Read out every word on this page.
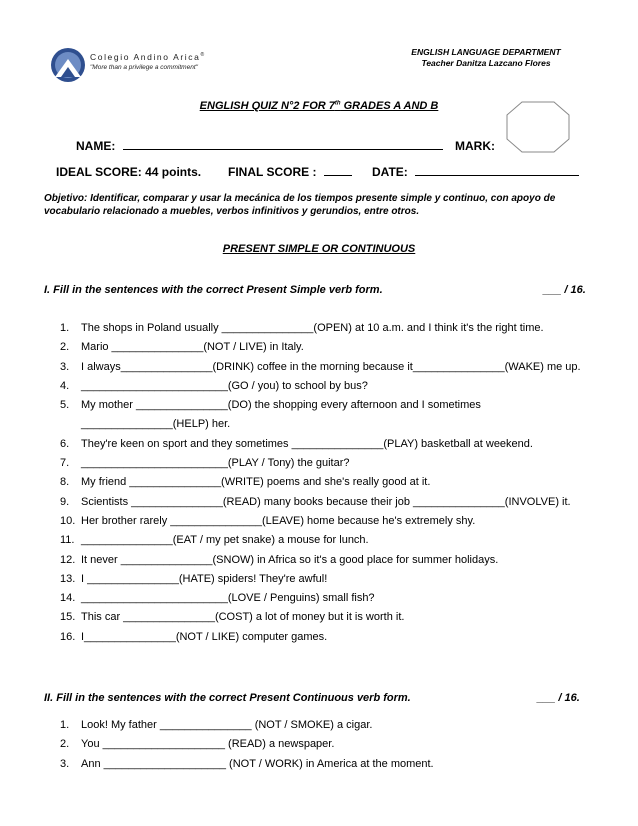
Colegio Andino Arica®
"More than a privilege a commitment"
ENGLISH LANGUAGE DEPARTMENT
Teacher Danitza Lazcano Flores
ENGLISH QUIZ N°2 FOR 7th GRADES A AND B
NAME:	MARK:
IDEAL SCORE: 44 points. FINAL SCORE :	DATE:
Objetivo: Identificar, comparar y usar la mecánica de los tiempos presente simple y continuo, con apoyo de vocabulario relacionado a muebles, verbos infinitivos y gerundios, entre otros.
PRESENT SIMPLE OR CONTINUOUS
I. Fill in the sentences with the correct Present Simple verb form.	___ / 16.
1.	The shops in Poland usually _______________(OPEN) at 10 a.m. and I think it's the right time.
2.	Mario _______________(NOT / LIVE) in Italy.
3.	I always_______________(DRINK) coffee in the morning because it_______________(WAKE) me up.
4.	________________________(GO / you) to school by bus?
5.	My mother _______________(DO) the shopping every afternoon and I sometimes _______________(HELP) her.
6.	They're keen on sport and they sometimes _______________(PLAY) basketball at weekend.
7.	________________________(PLAY / Tony) the guitar?
8.	My friend _______________(WRITE) poems and she's really good at it.
9.	Scientists _______________(READ) many books because their job _______________(INVOLVE) it.
10. Her brother rarely _______________(LEAVE) home because he's extremely shy.
11. _______________(EAT / my pet snake) a mouse for lunch.
12. It never _______________(SNOW) in Africa so it's a good place for summer holidays.
13. I _______________(HATE) spiders! They're awful!
14. ________________________(LOVE / Penguins) small fish?
15. This car _______________(COST) a lot of money but it is worth it.
16. I_______________(NOT / LIKE) computer games.
II. Fill in the sentences with the correct Present Continuous verb form.	___ / 16.
1.	Look! My father _______________ (NOT / SMOKE) a cigar.
2.	You ____________________ (READ) a newspaper.
3.	Ann ____________________ (NOT / WORK) in America at the moment.
